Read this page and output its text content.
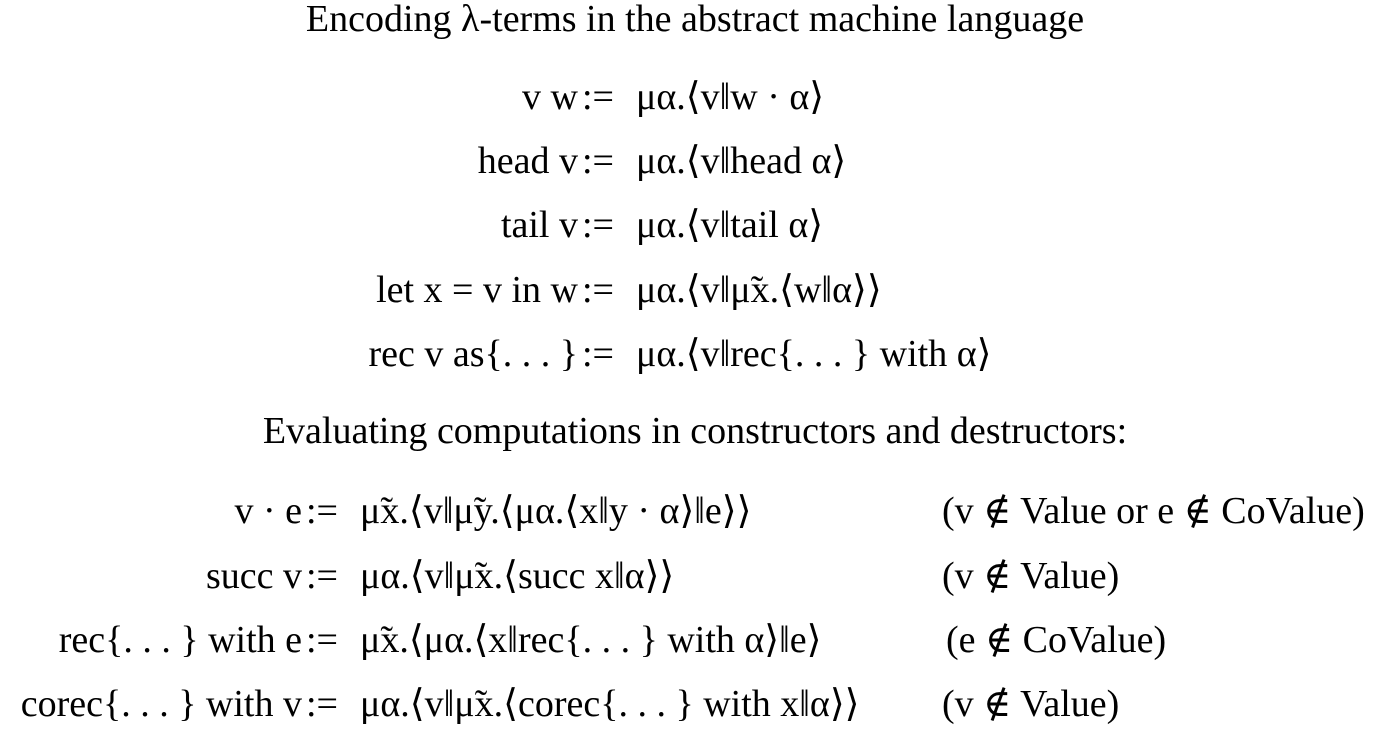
Encoding λ-terms in the abstract machine language
v w := μα.⟨v‖w · α⟩
head v := μα.⟨v‖head α⟩
tail v := μα.⟨v‖tail α⟩
let x = v in w := μα.⟨v‖μ̃x.⟨w‖α⟩⟩
rec v as{. . . } := μα.⟨v‖rec{. . . } with α⟩
Evaluating computations in constructors and destructors:
v · e := μ̃x.⟨v‖μ̃y.⟨μα.⟨x‖y · α⟩‖e⟩⟩	(v ∉ Value or e ∉ CoValue)
succ v := μα.⟨v‖μ̃x.⟨succ x‖α⟩⟩	(v ∉ Value)
rec{. . . } with e := μ̃x.⟨μα.⟨x‖rec{. . . } with α⟩‖e⟩	(e ∉ CoValue)
corec{. . . } with v := μα.⟨v‖μ̃x.⟨corec{. . . } with x‖α⟩⟩ (v ∉ Value)
